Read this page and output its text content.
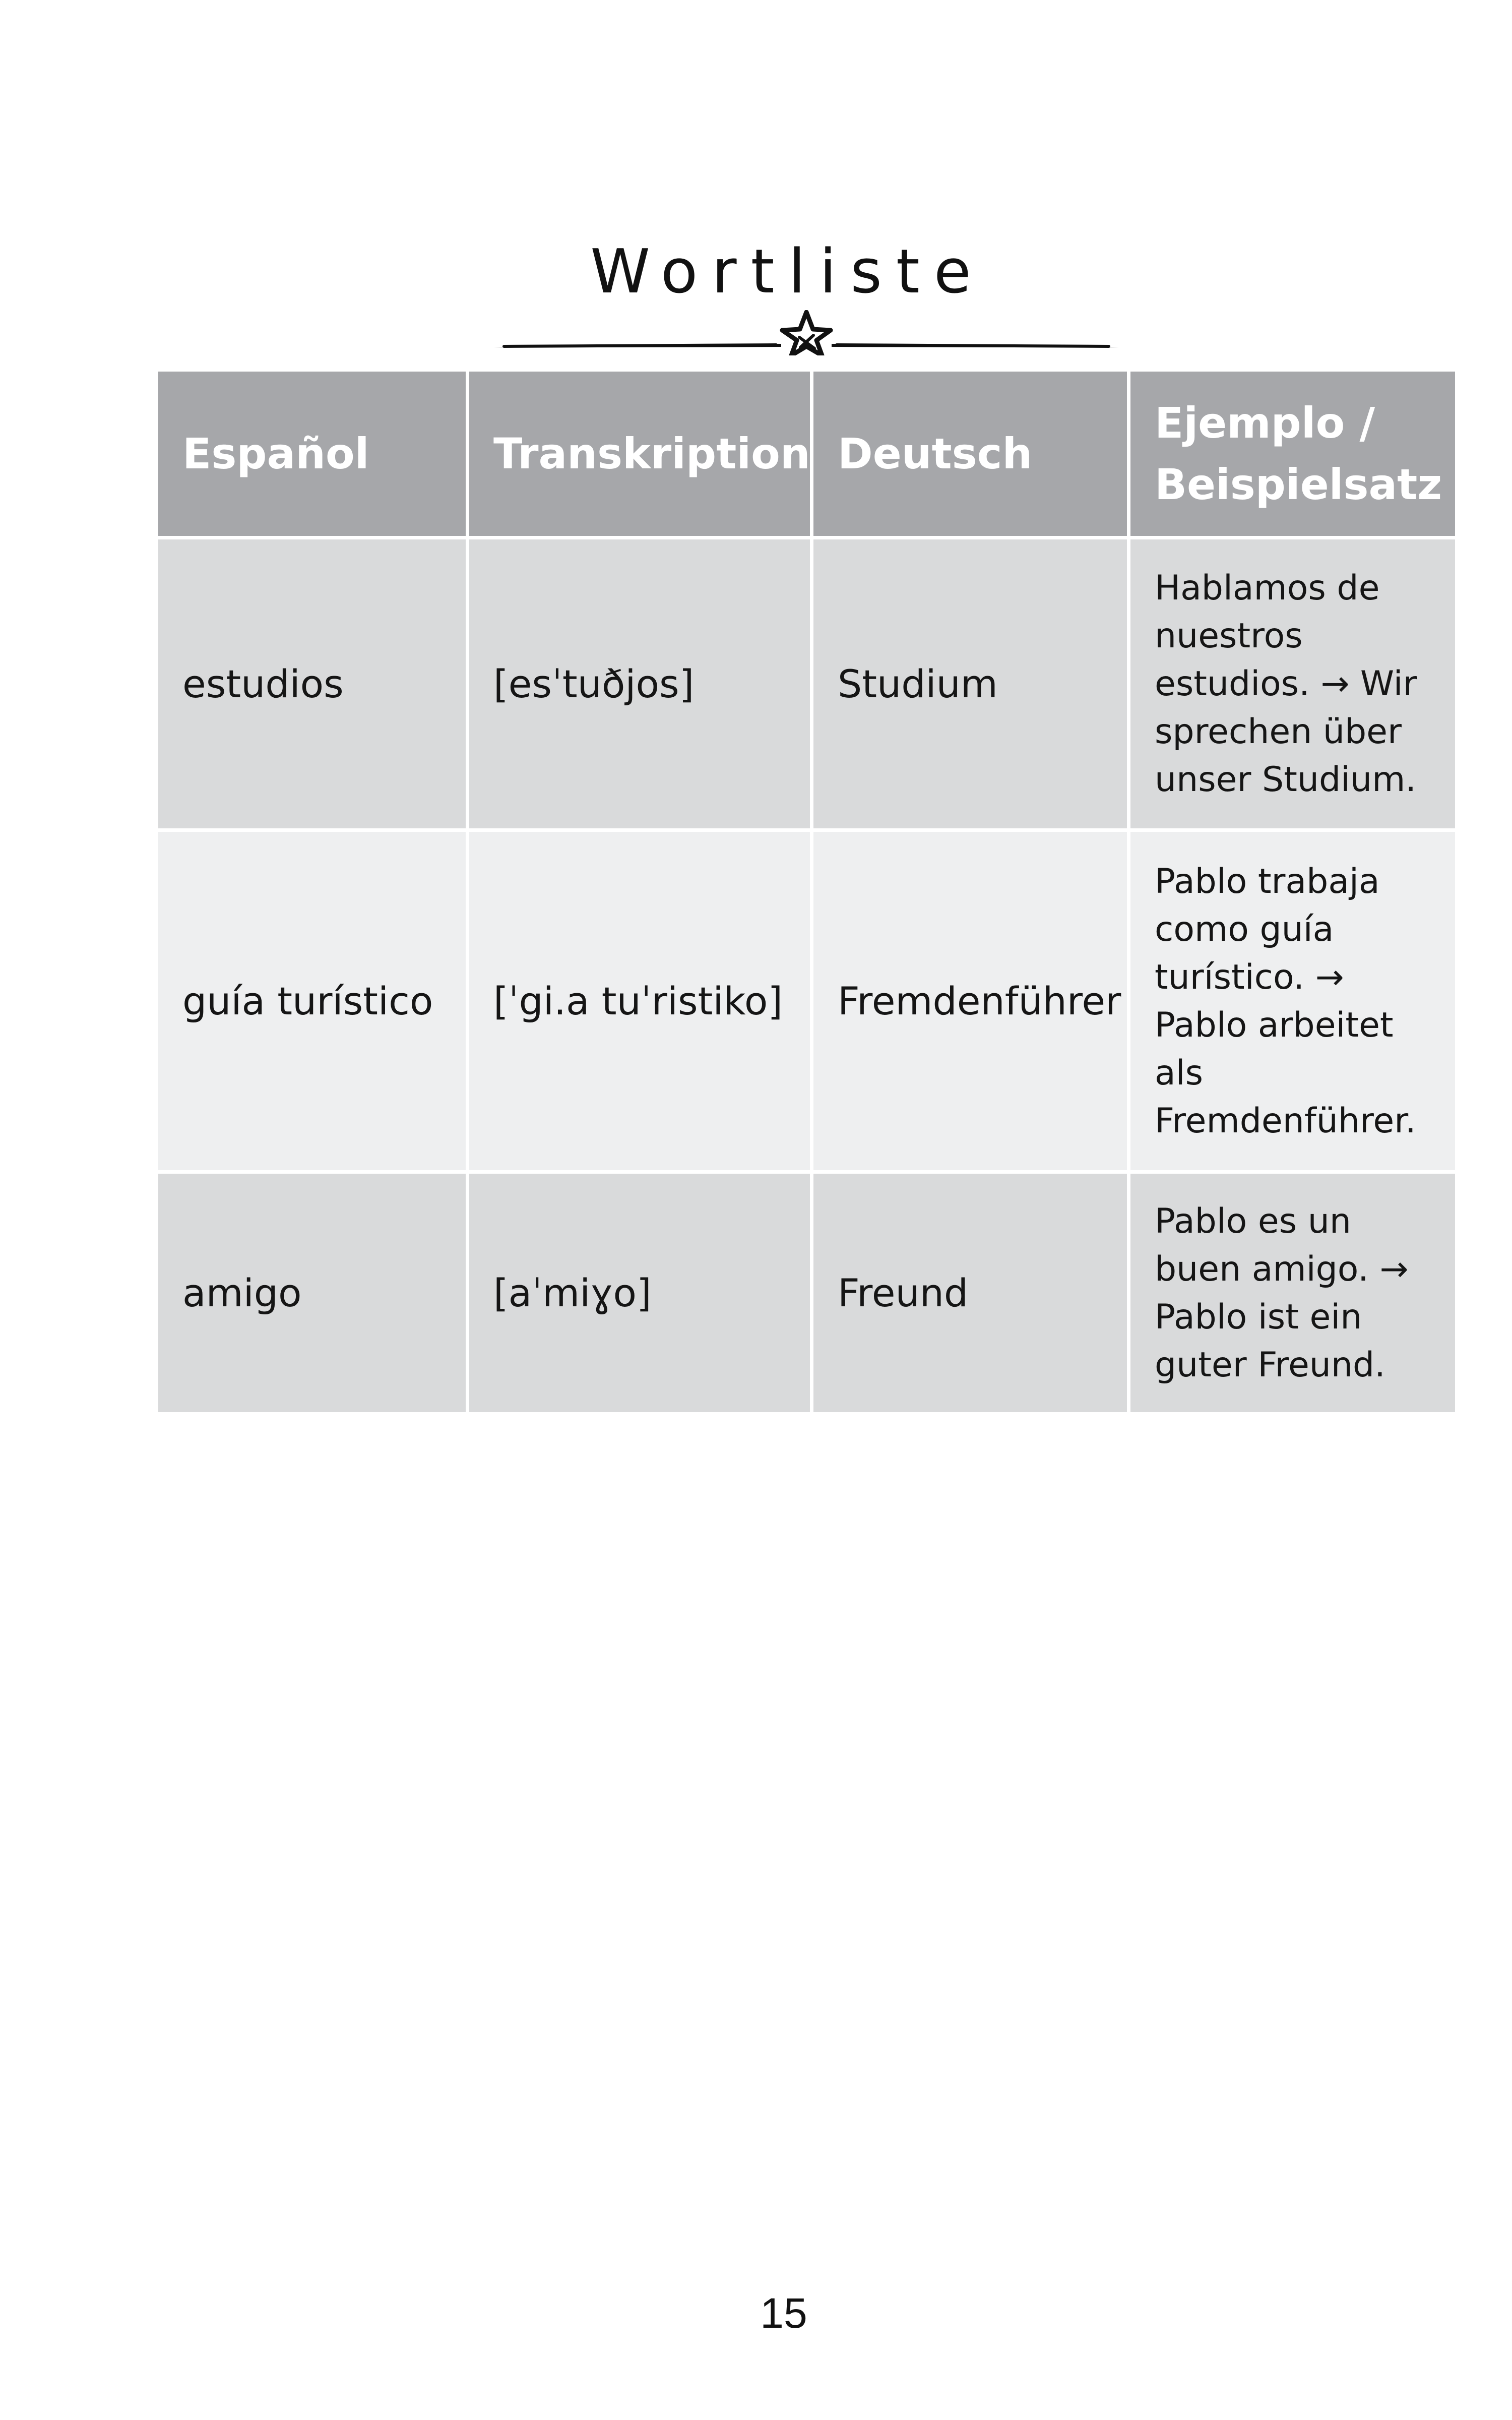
Wortliste
Español	Transkription	Deutsch	Ejemplo / Beispielsatz
estudios	[esˈtuðjos]	Studium	Hablamos de nuestros estudios. → Wir sprechen über unser Studium.
guía turístico	[ˈgi.a tuˈristiko]	Fremdenführer	Pablo trabaja como guía turístico. → Pablo arbeitet als Fremdenführer.
amigo	[aˈmiɣo]	Freund	Pablo es un buen amigo. → Pablo ist ein guter Freund.
15
